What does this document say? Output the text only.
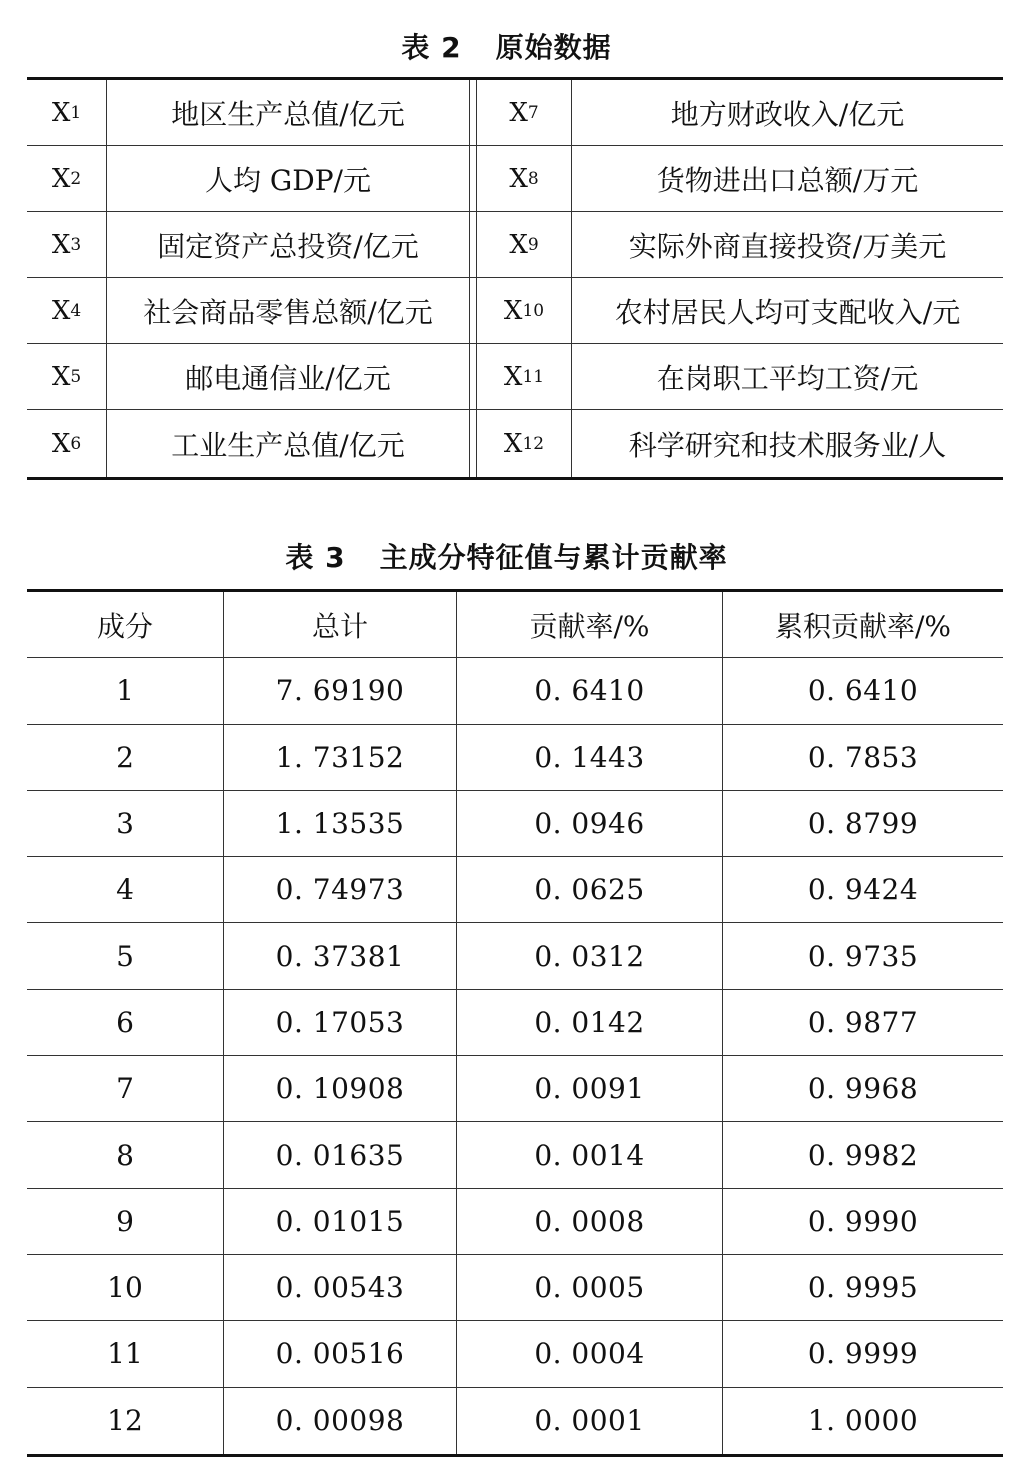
表 2 原始数据
X 1	地区生产总值/亿元	X 7	地方财政收入/亿元
X 2	人均 GDP/元	X 8	货物进出口总额/万元
X 3	固定资产总投资/亿元	X 9	实际外商直接投资/万美元
X 4	社会商品零售总额/亿元	X 10	农村居民人均可支配收入/元
X 5	邮电通信业/亿元	X 11	在岗职工平均工资/元
X 6	工业生产总值/亿元	X 12	科学研究和技术服务业/人
表 3 主成分特征值与累计贡献率
成分	总计	贡献率/%	累积贡献率/%
1	7. 69190	0. 6410	0. 6410
2	1. 73152	0. 1443	0. 7853
3	1. 13535	0. 0946	0. 8799
4	0. 74973	0. 0625	0. 9424
5	0. 37381	0. 0312	0. 9735
6	0. 17053	0. 0142	0. 9877
7	0. 10908	0. 0091	0. 9968
8	0. 01635	0. 0014	0. 9982
9	0. 01015	0. 0008	0. 9990
10	0. 00543	0. 0005	0. 9995
11	0. 00516	0. 0004	0. 9999
12	0. 00098	0. 0001	1. 0000
